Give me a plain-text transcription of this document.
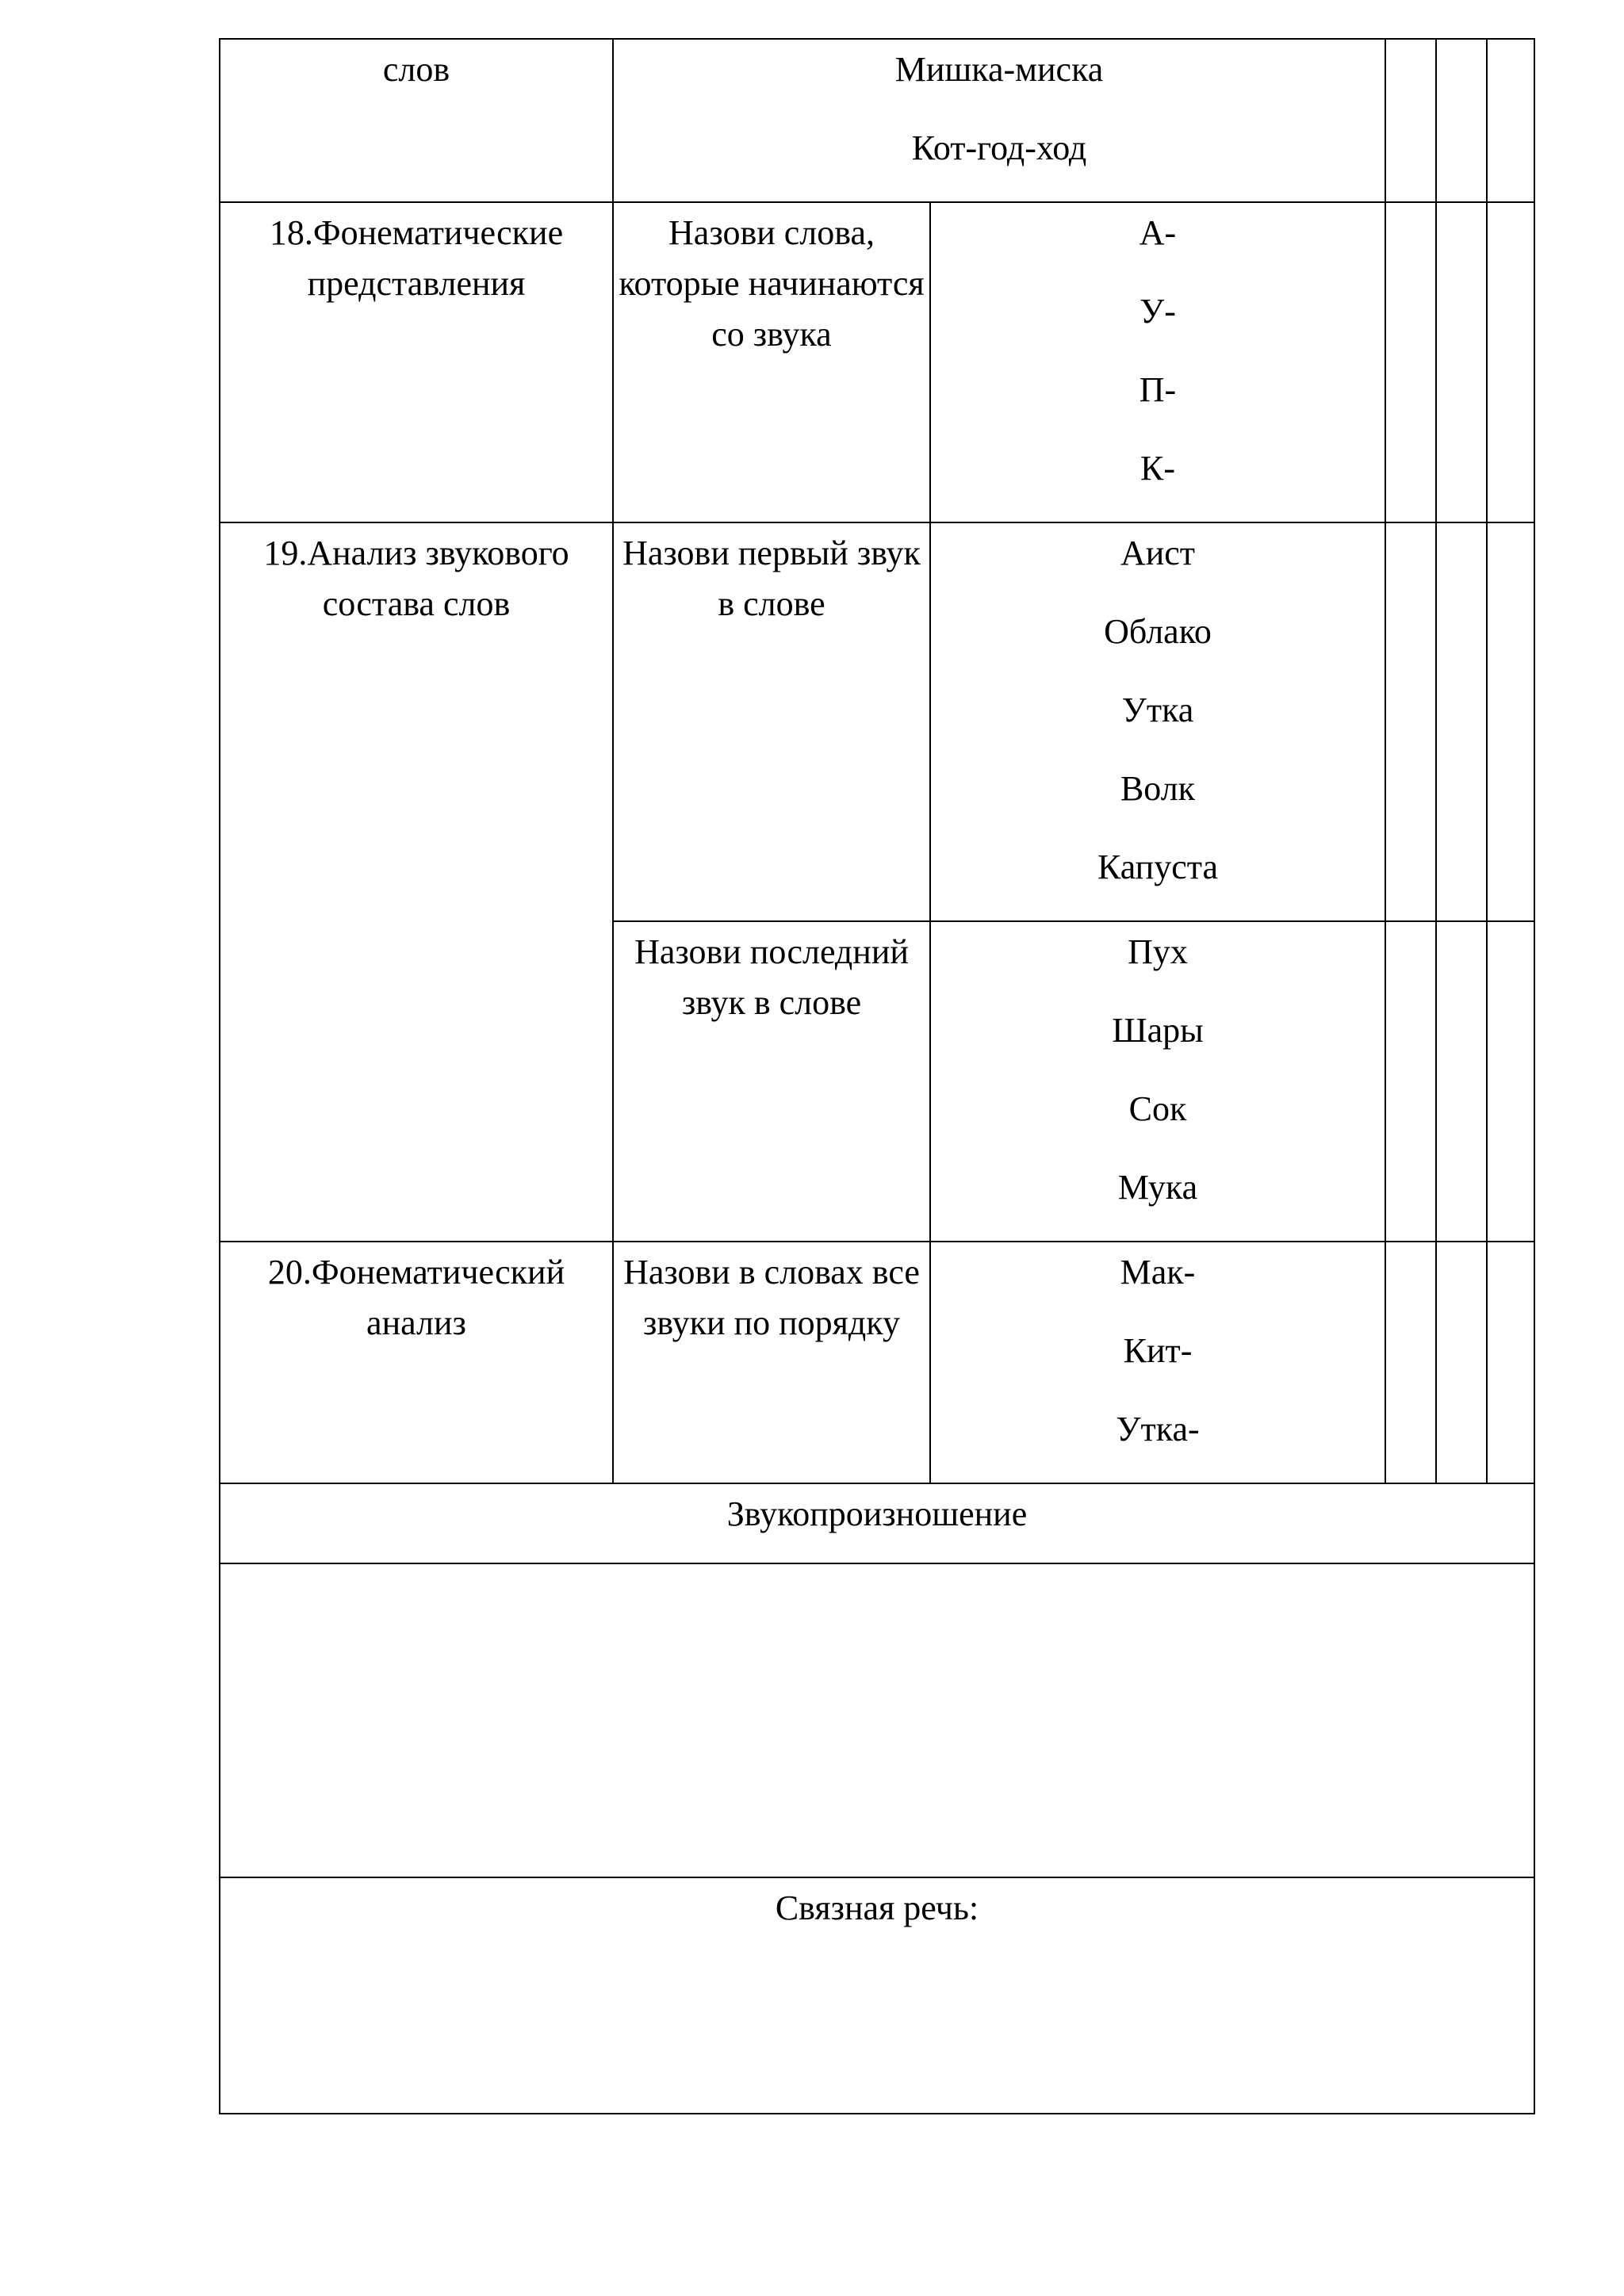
слов	Мишка-миска
Кот-год-ход				

18.Фонематические представления	Назови слова, которые начинаются со звука	А-
У-
П-
К-			

19.Анализ звукового состава слов	Назови первый звук в слове	Аист
Облако
Утка
Волк
Капуста			

	Назови последний звук в слове	Пух
Шары
Сок
Мука			

20.Фонематический анализ	Назови в словах все звуки по порядку	Мак-
Кит-
Утка-			

Звукопроизношение					

Связная речь:					
